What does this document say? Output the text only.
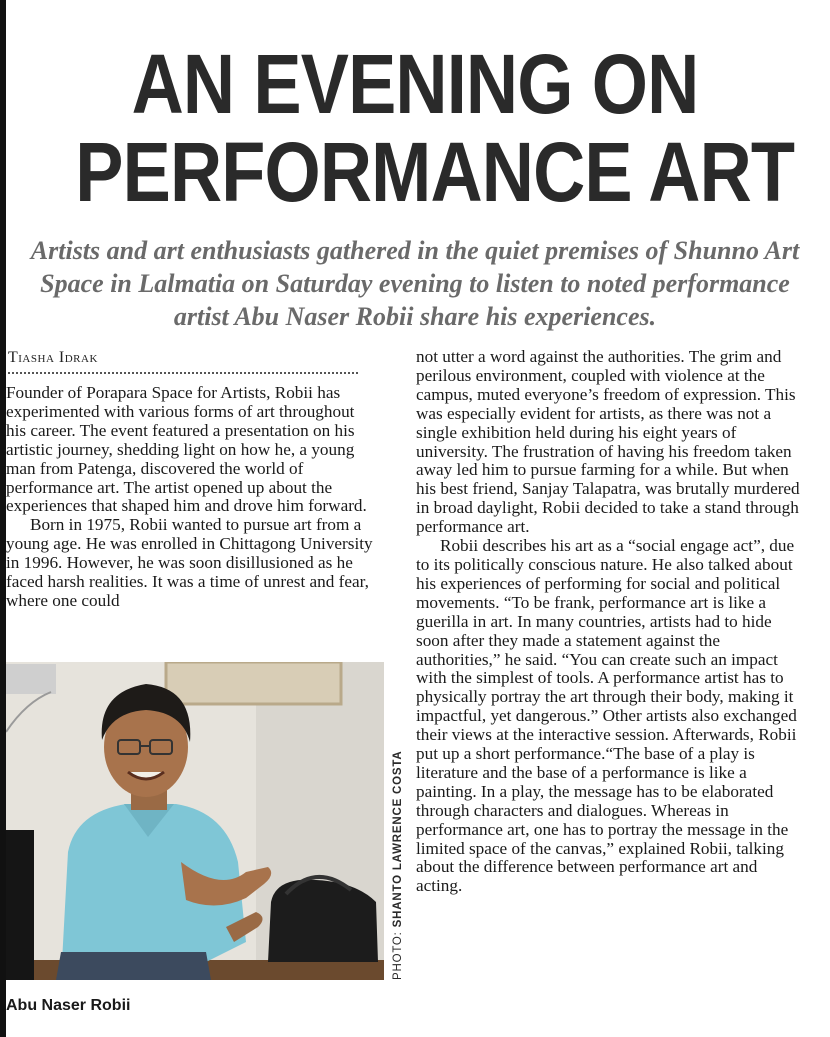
AN EVENING ON
PERFORMANCE ART

Artists and art enthusiasts gathered in the quiet premises of Shunno Art Space in Lalmatia on Saturday evening to listen to noted performance artist Abu Naser Robii share his experiences.

Tiasha Idrak

Founder of Porapara Space for Artists, Robii has experimented with various forms of art throughout his career. The event featured a presentation on his artistic journey, shedding light on how he, a young man from Patenga, discovered the world of performance art. The artist opened up about the experiences that shaped him and drove him forward.

Born in 1975, Robii wanted to pursue art from a young age. He was enrolled in Chittagong University in 1996. However, he was soon disillusioned as he faced harsh realities. It was a time of unrest and fear, where one could

PHOTO: SHANTO LAWRENCE COSTA
Abu Naser Robii

not utter a word against the authorities. The grim and perilous environment, coupled with violence at the campus, muted everyone’s freedom of expression. This was especially evident for artists, as there was not a single exhibition held during his eight years of university. The frustration of having his freedom taken away led him to pursue farming for a while. But when his best friend, Sanjay Talapatra, was brutally murdered in broad daylight, Robii decided to take a stand through performance art.

Robii describes his art as a “social engage act”, due to its politically conscious nature. He also talked about his experiences of performing for social and political movements. “To be frank, performance art is like a guerilla in art. In many countries, artists had to hide soon after they made a statement against the authorities,” he said. “You can create such an impact with the simplest of tools. A performance artist has to physically portray the art through their body, making it impactful, yet dangerous.” Other artists also exchanged their views at the interactive session. Afterwards, Robii put up a short performance.“The base of a play is literature and the base of a performance is like a painting. In a play, the message has to be elaborated through characters and dialogues. Whereas in performance art, one has to portray the message in the limited space of the canvas,” explained Robii, talking about the difference between performance art and acting.
